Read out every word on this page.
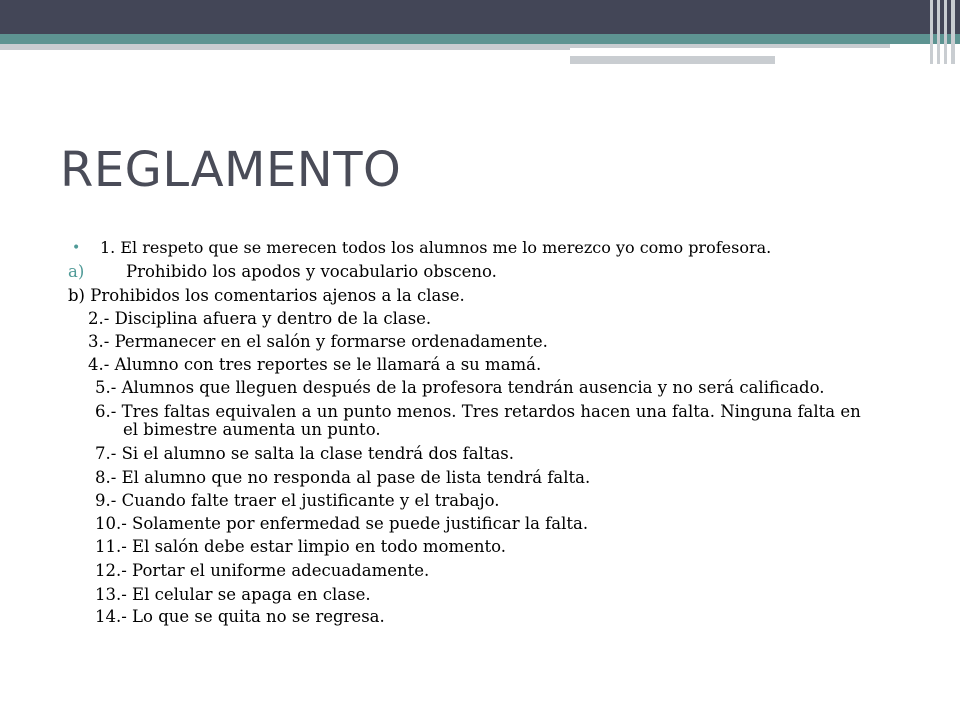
REGLAMENTO
•
a)
1. El respeto que se merecen todos los alumnos me lo merezco yo como profesora.
Prohibido los apodos y vocabulario obsceno.
b) Prohibidos los comentarios ajenos a la clase.
2.- Disciplina afuera y dentro de la clase.
3.- Permanecer en el salón y formarse ordenadamente.
4.- Alumno con tres reportes se le llamará a su mamá.
5.- Alumnos que lleguen después de la profesora tendrán ausencia y no será calificado.
6.- Tres faltas equivalen a un punto menos. Tres retardos hacen una falta. Ninguna falta en
el bimestre aumenta un punto.
7.- Si el alumno se salta la clase tendrá dos faltas.
8.- El alumno que no responda al pase de lista tendrá falta.
9.- Cuando falte traer el justificante y el trabajo.
10.- Solamente por enfermedad se puede justificar la falta.
11.- El salón debe estar limpio en todo momento.
12.- Portar el uniforme adecuadamente.
13.- El celular se apaga en clase.
14.- Lo que se quita no se regresa.
